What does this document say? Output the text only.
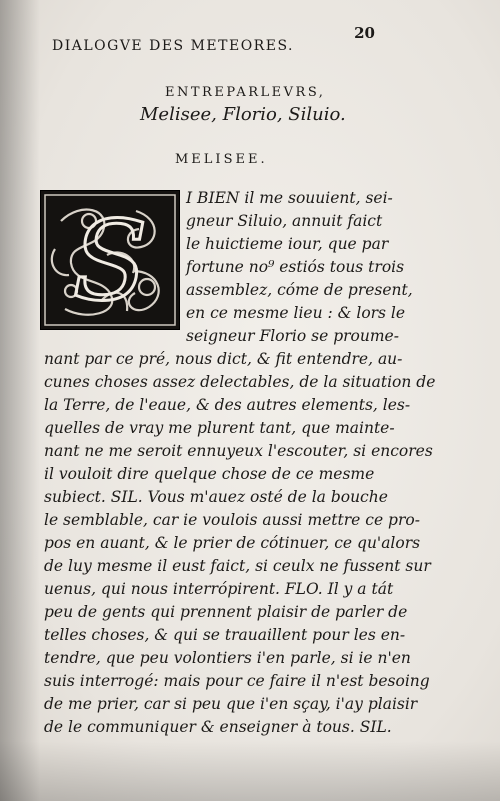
20
DIALOGVE DES METEORES.
ENTREPARLEVRS,
Melisee, Florio, Siluio.
MELISEE.
S I BIEN il me souuient, sei-
gneur Siluio, annuit faict
le huictieme iour, que par
fortune no⁹ estiós tous trois
assemblez, cóme de present,
en ce mesme lieu : & lors le
seigneur Florio se proume-
nant par ce pré, nous dict, & fit entendre, au-
cunes choses assez delectables, de la situation de
la Terre, de l'eaue, & des autres elements, les-
quelles de vray me plurent tant, que mainte-
nant ne me seroit ennuyeux l'escouter, si encores
il vouloit dire quelque chose de ce mesme
subiect. SIL. Vous m'auez osté de la bouche
le semblable, car ie voulois aussi mettre ce pro-
pos en auant, & le prier de cótinuer, ce qu'alors
de luy mesme il eust faict, si ceulx ne fussent sur
uenus, qui nous interrópirent. FLO. Il y a tát
peu de gents qui prennent plaisir de parler de
telles choses, & qui se trauaillent pour les en-
tendre, que peu volontiers i'en parle, si ie n'en
suis interrogé: mais pour ce faire il n'est besoing
de me prier, car si peu que i'en sçay, i'ay plaisir
de le communiquer & enseigner à tous. SIL.
